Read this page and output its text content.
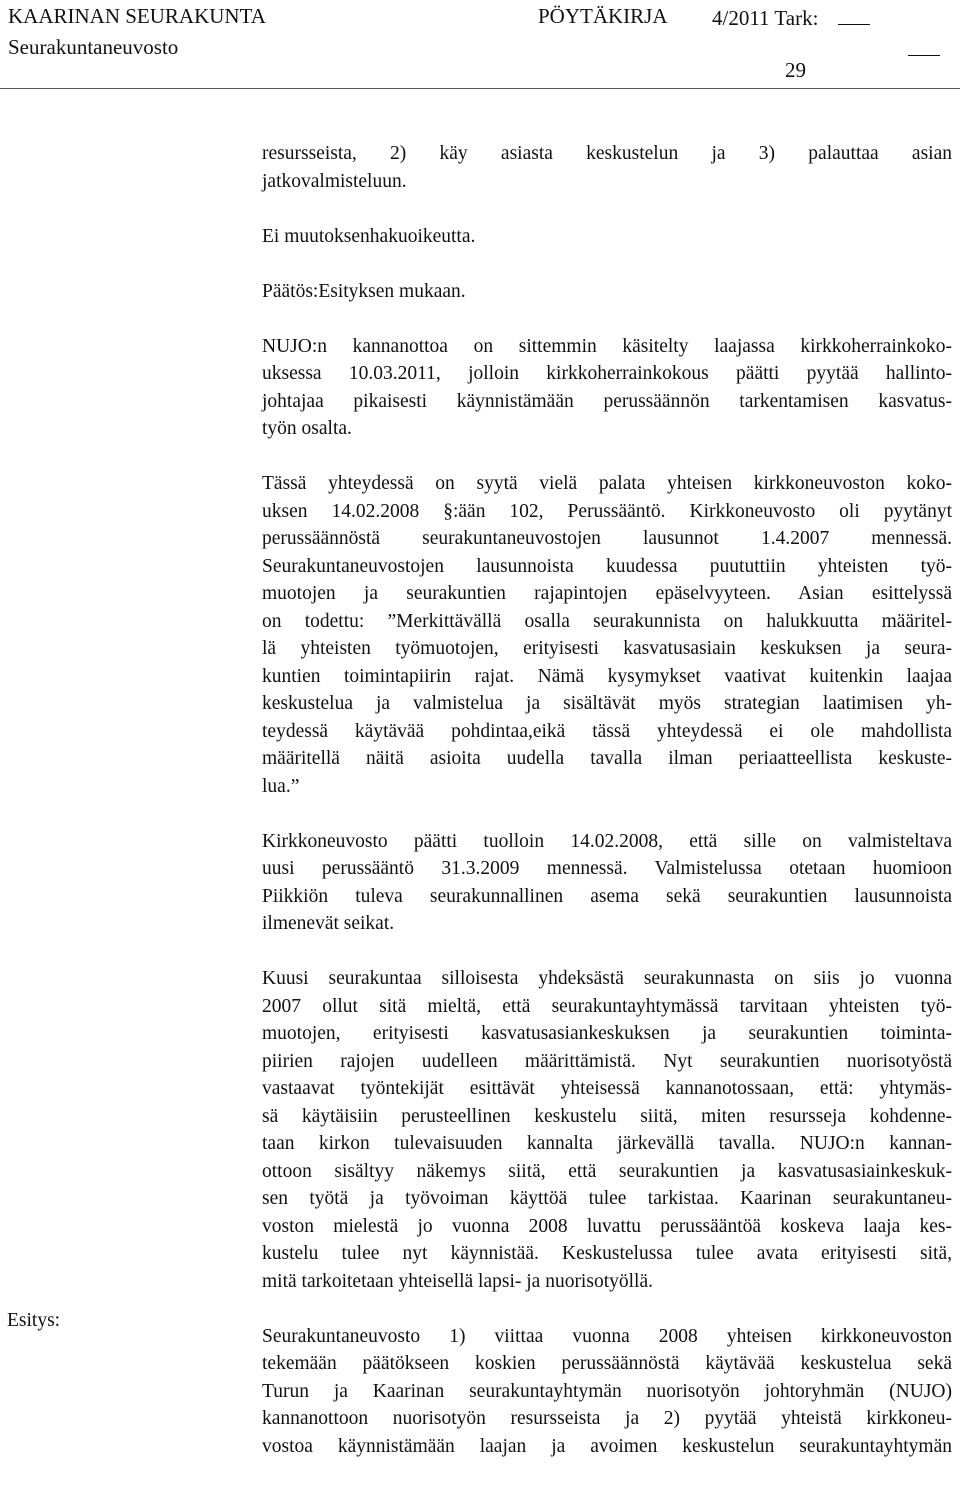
KAARINAN SEURAKUNTA	PÖYTÄKIRJA 4/2011 Tark:
Seurakuntaneuvosto
29
resursseista, 2) käy asiasta keskustelun ja 3) palauttaa asian
jatkovalmisteluun.
Ei muutoksenhakuoikeutta.
Päätös:Esityksen mukaan.
NUJO:n kannanottoa on sittemmin käsitelty laajassa kirkkoherrainkoko-
uksessa 10.03.2011, jolloin kirkkoherrainkokous päätti pyytää hallinto-
johtajaa pikaisesti käynnistämään perussäännön tarkentamisen kasvatus-
työn osalta.
Tässä yhteydessä on syytä vielä palata yhteisen kirkkoneuvoston koko-
uksen 14.02.2008 §:ään 102, Perussääntö. Kirkkoneuvosto oli pyytänyt
perussäännöstä seurakuntaneuvostojen lausunnot 1.4.2007 mennessä.
Seurakuntaneuvostojen lausunnoista kuudessa puututtiin yhteisten työ-
muotojen ja seurakuntien rajapintojen epäselvyyteen. Asian esittelyssä
on todettu: ”Merkittävällä osalla seurakunnista on halukkuutta määritel-
lä yhteisten työmuotojen, erityisesti kasvatusasiain keskuksen ja seura-
kuntien toimintapiirin rajat. Nämä kysymykset vaativat kuitenkin laajaa
keskustelua ja valmistelua ja sisältävät myös strategian laatimisen yh-
teydessä käytävää pohdintaa,eikä tässä yhteydessä ei ole mahdollista
määritellä näitä asioita uudella tavalla ilman periaatteellista keskuste-
lua.”
Kirkkoneuvosto päätti tuolloin 14.02.2008, että sille on valmisteltava
uusi perussääntö 31.3.2009 mennessä. Valmistelussa otetaan huomioon
Piikkiön tuleva seurakunnallinen asema sekä seurakuntien lausunnoista
ilmenevät seikat.
Kuusi seurakuntaa silloisesta yhdeksästä seurakunnasta on siis jo vuonna
2007 ollut sitä mieltä, että seurakuntayhtymässä tarvitaan yhteisten työ-
muotojen, erityisesti kasvatusasiankeskuksen ja seurakuntien toiminta-
piirien rajojen uudelleen määrittämistä. Nyt seurakuntien nuorisotyöstä
vastaavat työntekijät esittävät yhteisessä kannanotossaan, että: yhtymäs-
sä käytäisiin perusteellinen keskustelu siitä, miten resursseja kohdenne-
taan kirkon tulevaisuuden kannalta järkevällä tavalla. NUJO:n kannan-
ottoon sisältyy näkemys siitä, että seurakuntien ja kasvatusasiainkeskuk-
sen työtä ja työvoiman käyttöä tulee tarkistaa. Kaarinan seurakuntaneu-
voston mielestä jo vuonna 2008 luvattu perussääntöä koskeva laaja kes-
kustelu tulee nyt käynnistää. Keskustelussa tulee avata erityisesti sitä,
mitä tarkoitetaan yhteisellä lapsi- ja nuorisotyöllä.
Seurakuntaneuvosto 1) viittaa vuonna 2008 yhteisen kirkkoneuvoston
tekemään päätökseen koskien perussäännöstä käytävää keskustelua sekä
Turun ja Kaarinan seurakuntayhtymän nuorisotyön johtoryhmän (NUJO)
kannanottoon nuorisotyön resursseista ja 2) pyytää yhteistä kirkkoneu-
vostoa käynnistämään laajan ja avoimen keskustelun seurakuntayhtymän
Esitys:
